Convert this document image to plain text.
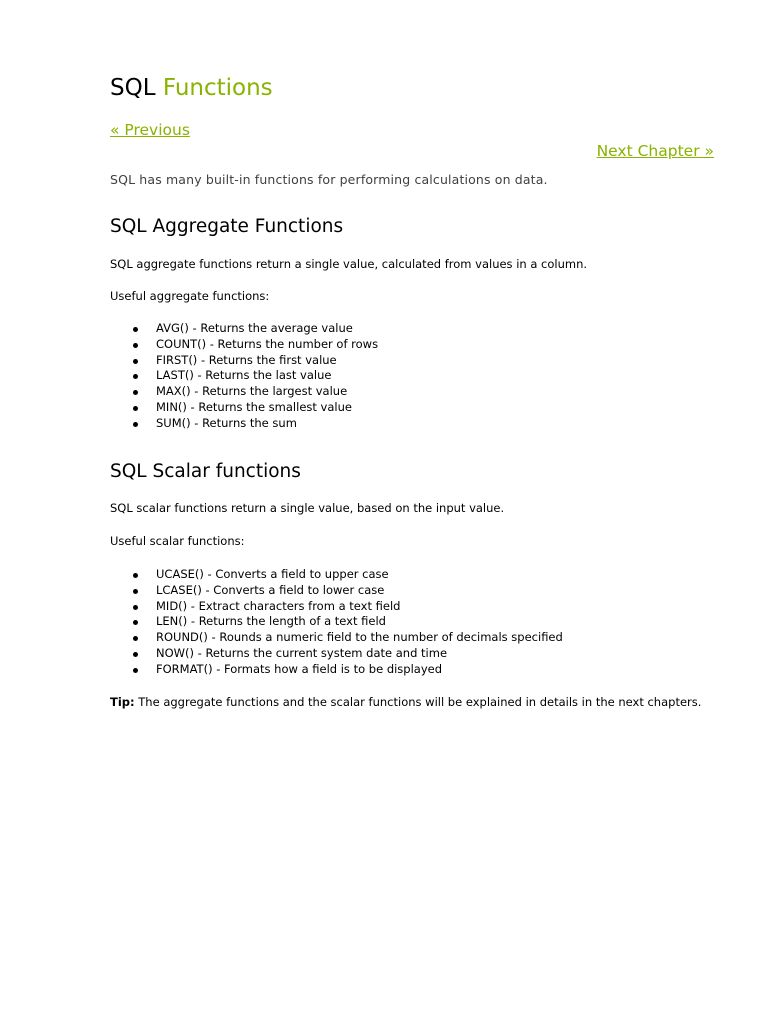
SQL Functions
« Previous
Next Chapter »

SQL has many built-in functions for performing calculations on data.

SQL Aggregate Functions

SQL aggregate functions return a single value, calculated from values in a column.

Useful aggregate functions:

AVG() - Returns the average value
COUNT() - Returns the number of rows
FIRST() - Returns the first value
LAST() - Returns the last value
MAX() - Returns the largest value
MIN() - Returns the smallest value
SUM() - Returns the sum
SQL Scalar functions

SQL scalar functions return a single value, based on the input value.

Useful scalar functions:

UCASE() - Converts a field to upper case
LCASE() - Converts a field to lower case
MID() - Extract characters from a text field
LEN() - Returns the length of a text field
ROUND() - Rounds a numeric field to the number of decimals specified
NOW() - Returns the current system date and time
FORMAT() - Formats how a field is to be displayed

Tip: The aggregate functions and the scalar functions will be explained in details in the next chapters.
